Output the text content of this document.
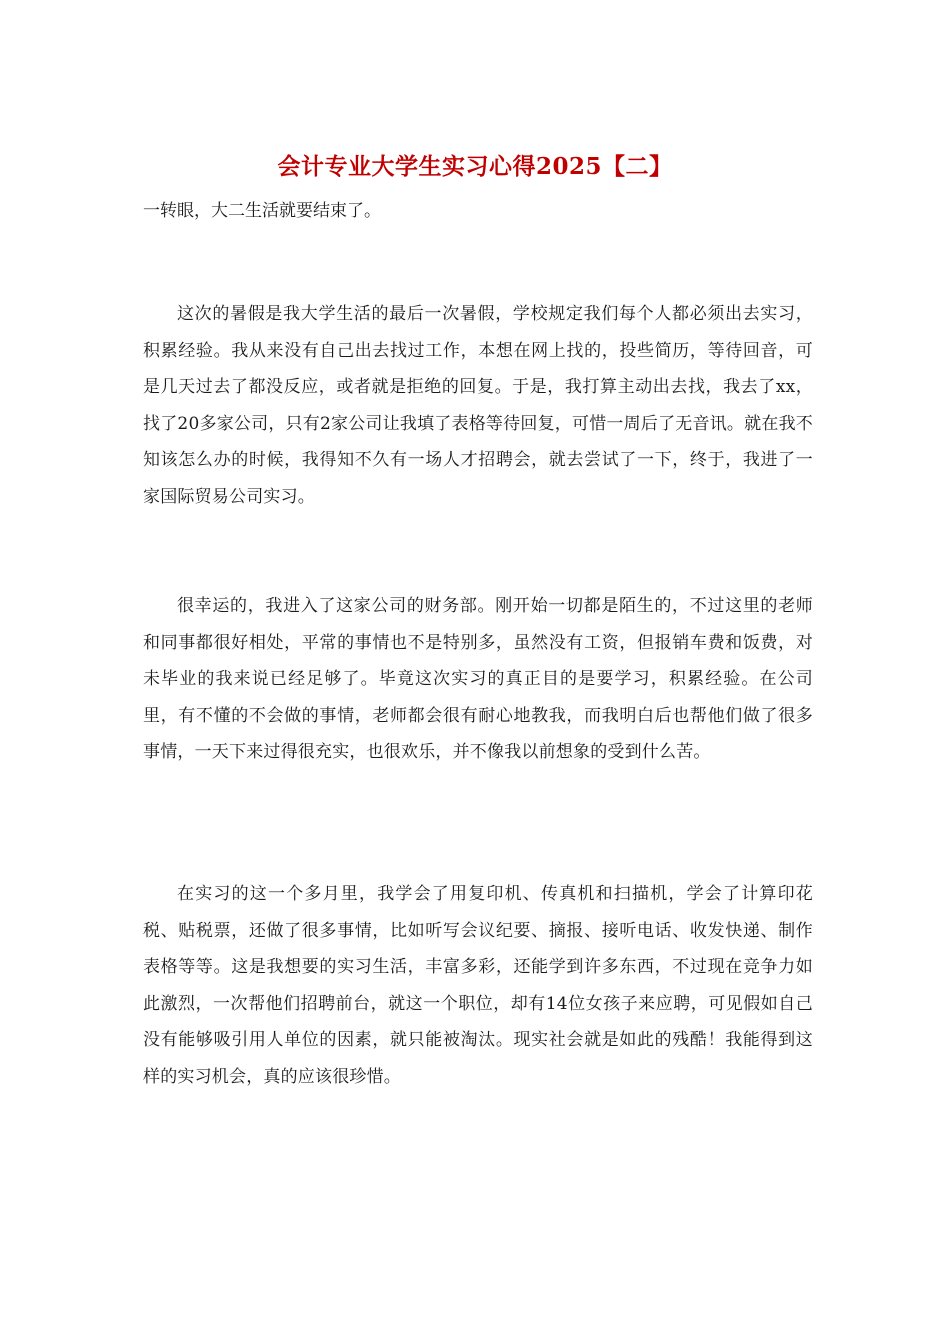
会计专业大学生实习心得2025【二】
一转眼，大二生活就要结束了。

这次的暑假是我大学生活的最后一次暑假，学校规定我们每个人都必须出去实习，积累经验。我从来没有自己出去找过工作，本想在网上找的，投些简历，等待回音，可是几天过去了都没反应，或者就是拒绝的回复。于是，我打算主动出去找，我去了xx，找了20多家公司，只有2家公司让我填了表格等待回复，可惜一周后了无音讯。就在我不知该怎么办的时候，我得知不久有一场人才招聘会，就去尝试了一下，终于，我进了一家国际贸易公司实习。

很幸运的，我进入了这家公司的财务部。刚开始一切都是陌生的，不过这里的老师和同事都很好相处，平常的事情也不是特别多，虽然没有工资，但报销车费和饭费，对未毕业的我来说已经足够了。毕竟这次实习的真正目的是要学习，积累经验。在公司里，有不懂的不会做的事情，老师都会很有耐心地教我，而我明白后也帮他们做了很多事情，一天下来过得很充实，也很欢乐，并不像我以前想象的受到什么苦。

在实习的这一个多月里，我学会了用复印机、传真机和扫描机，学会了计算印花税、贴税票，还做了很多事情，比如听写会议纪要、摘报、接听电话、收发快递、制作表格等等。这是我想要的实习生活，丰富多彩，还能学到许多东西，不过现在竞争力如此激烈，一次帮他们招聘前台，就这一个职位，却有14位女孩子来应聘，可见假如自己没有能够吸引用人单位的因素，就只能被淘汰。现实社会就是如此的残酷！我能得到这样的实习机会，真的应该很珍惜。
